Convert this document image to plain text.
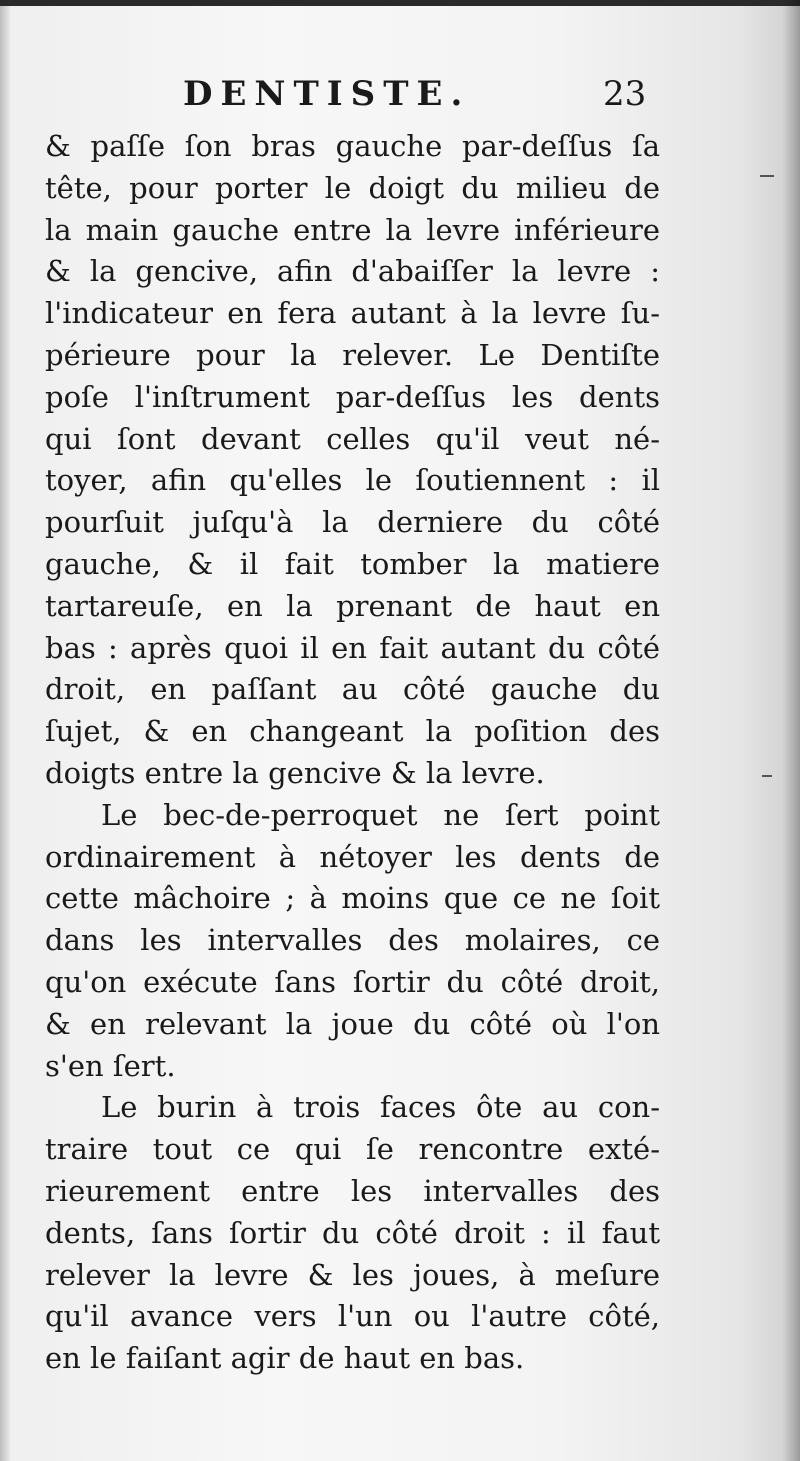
DENTISTE.	23
& paſſe ſon bras gauche par-deſſus ſa
tête, pour porter le doigt du milieu de
la main gauche entre la levre inférieure
& la gencive, afin d'abaiſſer la levre :
l'indicateur en fera autant à la levre ſu-
périeure pour la relever. Le Dentiſte
poſe l'inſtrument par-deſſus les dents
qui ſont devant celles qu'il veut né-
toyer, afin qu'elles le ſoutiennent : il
pourſuit juſqu'à la derniere du côté
gauche, & il fait tomber la matiere
tartareuſe, en la prenant de haut en
bas : après quoi il en fait autant du côté
droit, en paſſant au côté gauche du
ſujet, & en changeant la poſition des
doigts entre la gencive & la levre.
Le bec-de-perroquet ne ſert point
ordinairement à nétoyer les dents de
cette mâchoire ; à moins que ce ne ſoit
dans les intervalles des molaires, ce
qu'on exécute ſans ſortir du côté droit,
& en relevant la joue du côté où l'on
s'en ſert.
Le burin à trois faces ôte au con-
traire tout ce qui ſe rencontre exté-
rieurement entre les intervalles des
dents, ſans ſortir du côté droit : il faut
relever la levre & les joues, à meſure
qu'il avance vers l'un ou l'autre côté,
en le faiſant agir de haut en bas.
